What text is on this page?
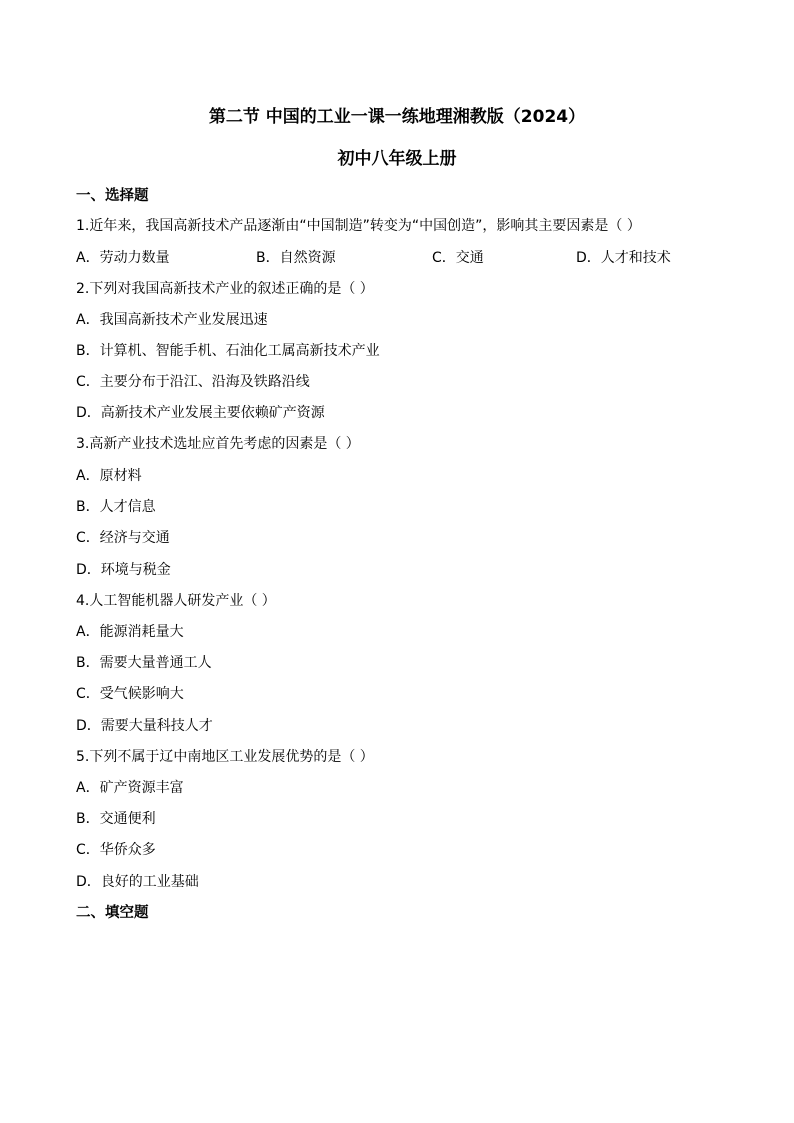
第二节 中国的工业一课一练地理湘教版（2024）
初中八年级上册
一、选择题
1.近年来，我国高新技术产品逐渐由“中国制造”转变为“中国创造”，影响其主要因素是（ ）
A．劳动力数量	B．自然资源	C．交通	D．人才和技术
2.下列对我国高新技术产业的叙述正确的是（ ）
A．我国高新技术产业发展迅速
B．计算机、智能手机、石油化工属高新技术产业
C．主要分布于沿江、沿海及铁路沿线
D．高新技术产业发展主要依赖矿产资源
3.高新产业技术选址应首先考虑的因素是（ ）
A．原材料
B．人才信息
C．经济与交通
D．环境与税金
4.人工智能机器人研发产业（ ）
A．能源消耗量大
B．需要大量普通工人
C．受气候影响大
D．需要大量科技人才
5.下列不属于辽中南地区工业发展优势的是（ ）
A．矿产资源丰富
B．交通便利
C．华侨众多
D．良好的工业基础
二、填空题
